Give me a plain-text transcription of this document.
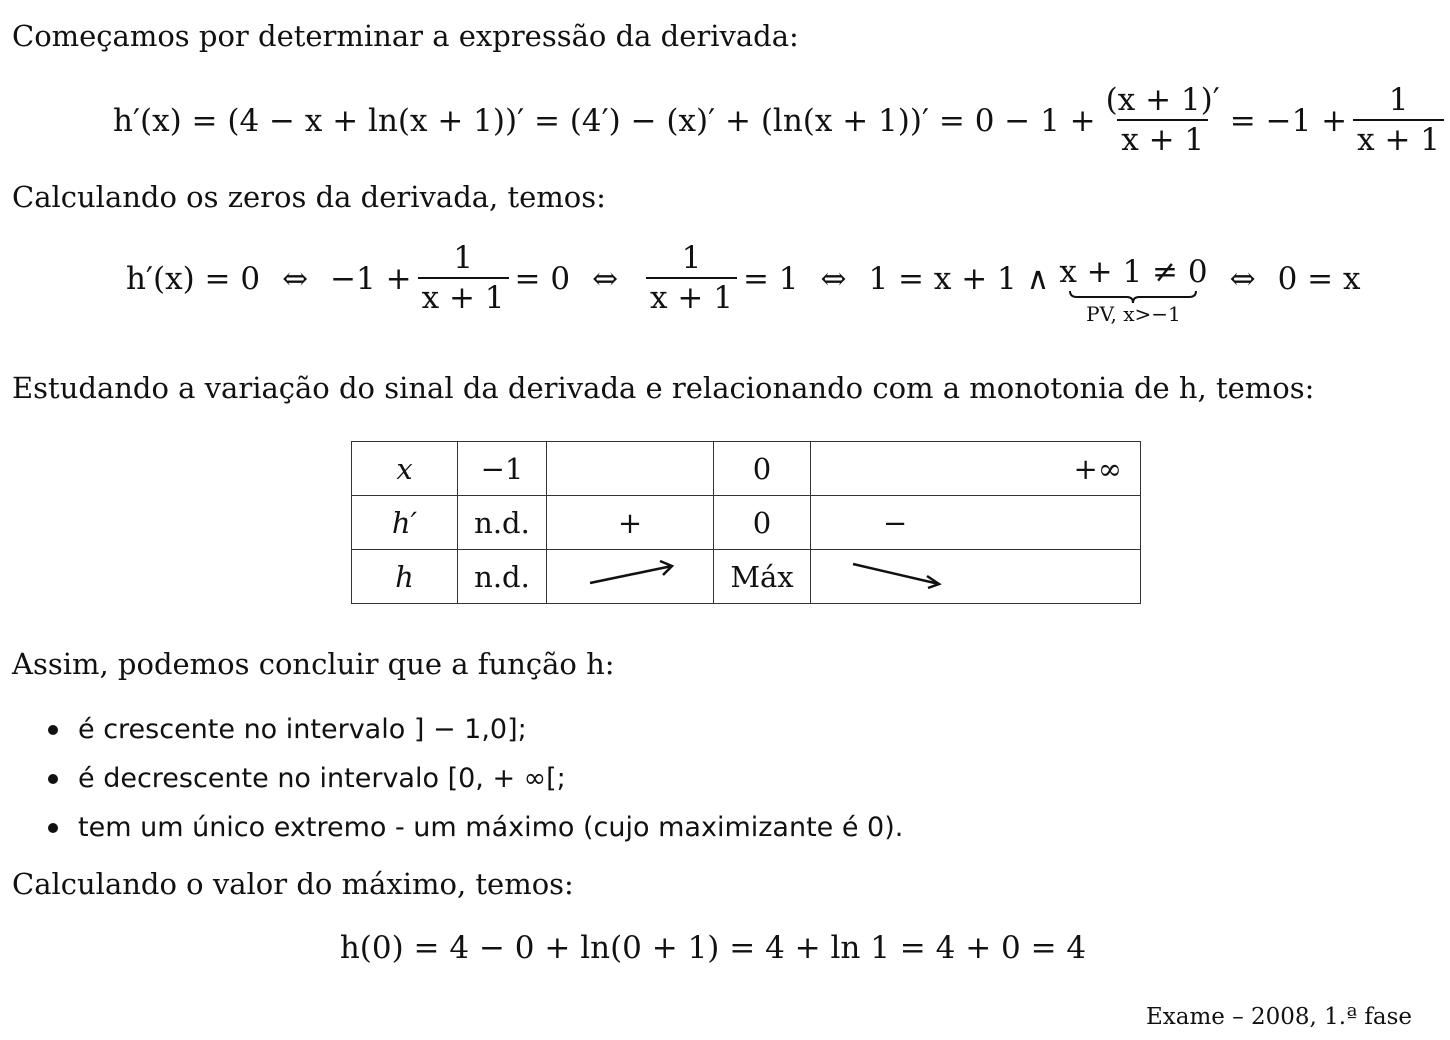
Começamos por determinar a expressão da derivada:
$h'(x) = (4 - x + \ln(x + 1))' = (4') - (x)' + (\ln(x + 1))' = 0 - 1 + \frac{(x + 1)'}{x + 1} = -1 + \frac{1}{x + 1}$
Calculando os zeros da derivada, temos:
h′(x) = 0 ⇔ $-1 + \frac{1}{x + 1} = 0$ ⇔ $\frac{1}{x + 1} = 1$ ⇔ 1 = x + 1 ∧ x + 1 ≠ 0
PV, x>−1
⇔ 0 = x
Estudando a variação do sinal da derivada e relacionando com a monotonia de h, temos:
x	−1		0	+∞
h′	n.d.	+	0	−
h	n.d.		Máx	
Assim, podemos concluir que a função h:
é crescente no intervalo ] − 1,0];
é decrescente no intervalo [0, + ∞[;
tem um único extremo - um máximo (cujo maximizante é 0).
Calculando o valor do máximo, temos:
h(0) = 4 − 0 + ln(0 + 1) = 4 + ln 1 = 4 + 0 = 4
Exame – 2008, 1.ª fase
